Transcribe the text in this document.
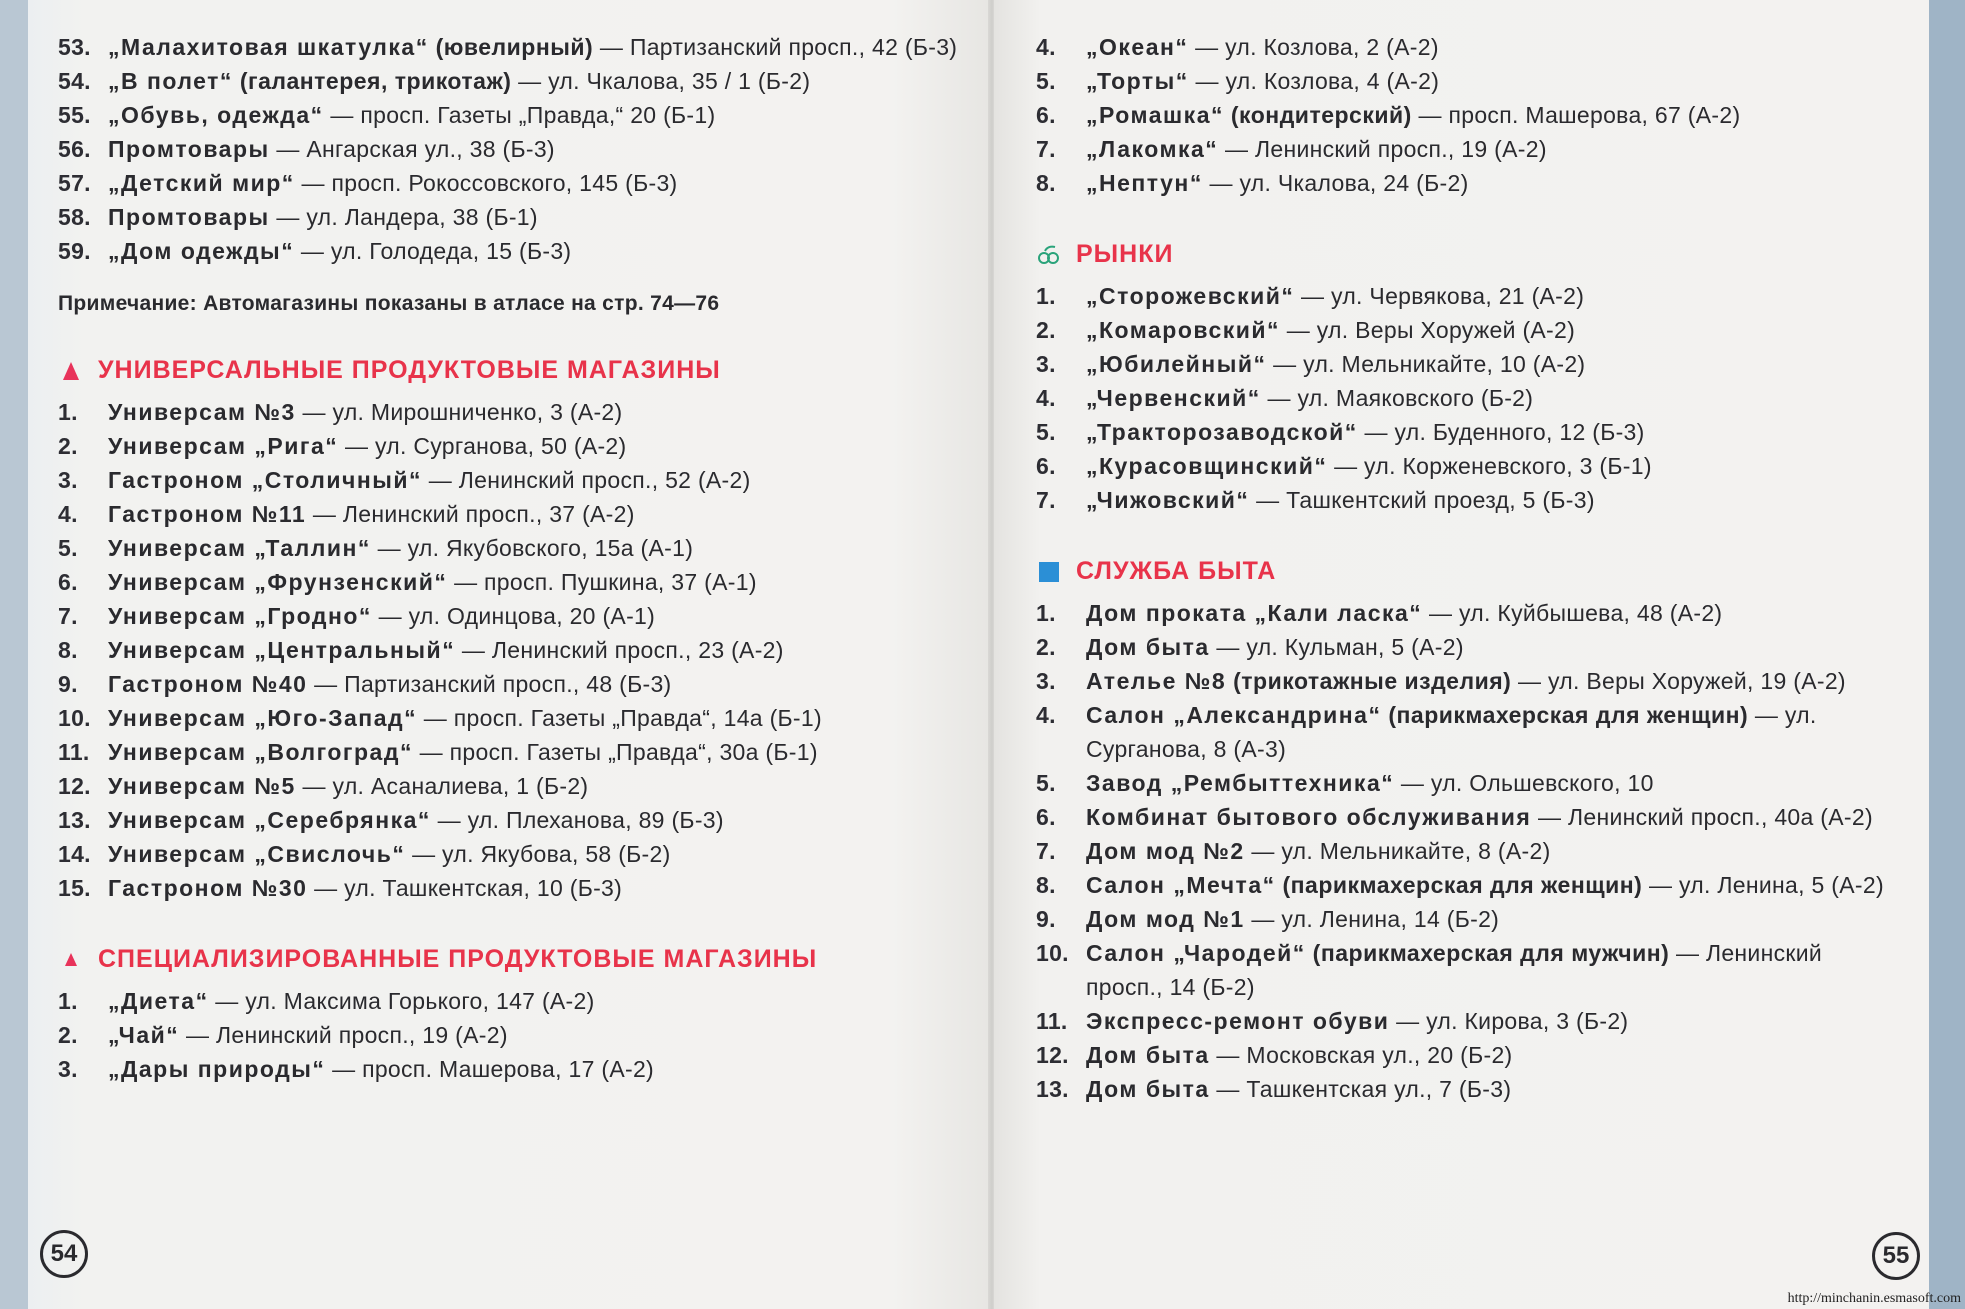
53. „Малахитовая шкатулка“ (ювелирный) — Партизанский просп., 42 (Б-3)
54. „В полет“ (галантерея, трикотаж) — ул. Чкалова, 35 / 1 (Б-2)
55. „Обувь, одежда“ — просп. Газеты „Правда,“ 20 (Б-1)
56. Промтовары — Ангарская ул., 38 (Б-3)
57. „Детский мир“ — просп. Рокоссовского, 145 (Б-3)
58. Промтовары — ул. Ландера, 38 (Б-1)
59. „Дом одежды“ — ул. Голодеда, 15 (Б-3)
Примечание: Автомагазины показаны в атласе на стр. 74—76
УНИВЕРСАЛЬНЫЕ ПРОДУКТОВЫЕ МАГАЗИНЫ
1.	Универсам №3 — ул. Мирошниченко, 3 (А-2)
2.	Универсам „Рига“ — ул. Сурганова, 50 (А-2)
3.	Гастроном „Столичный“ — Ленинский просп., 52 (А-2)
4.	Гастроном №11 — Ленинский просп., 37 (А-2)
5.	Универсам „Таллин“ — ул. Якубовского, 15а (А-1)
6.	Универсам „Фрунзенский“ — просп. Пушкина, 37 (А-1)
7.	Универсам „Гродно“ — ул. Одинцова, 20 (А-1)
8.	Универсам „Центральный“ — Ленинский просп., 23 (А-2)
9.	Гастроном №40 — Партизанский просп., 48 (Б-3)
10. Универсам „Юго-Запад“ — просп. Газеты „Правда“, 14а (Б-1)
11. Универсам „Волгоград“ — просп. Газеты „Правда“, 30а (Б-1)
12. Универсам №5 — ул. Асаналиева, 1 (Б-2)
13. Универсам „Серебрянка“ — ул. Плеханова, 89 (Б-3)
14. Универсам „Свислочь“ — ул. Якубова, 58 (Б-2)
15. Гастроном №30 — ул. Ташкентская, 10 (Б-3)
СПЕЦИАЛИЗИРОВАННЫЕ ПРОДУКТОВЫЕ МАГАЗИНЫ
1.	„Диета“ — ул. Максима Горького, 147 (А-2)
2.	„Чай“ — Ленинский просп., 19 (А-2)
3.	„Дары природы“ — просп. Машерова, 17 (А-2)
54
4.	„Океан“ — ул. Козлова, 2 (А-2)
5.	„Торты“ — ул. Козлова, 4 (А-2)
6.	„Ромашка“ (кондитерский) — просп. Машерова, 67 (А-2)
7.	„Лакомка“ — Ленинский просп., 19 (А-2)
8.	„Нептун“ — ул. Чкалова, 24 (Б-2)
РЫНКИ
1.	„Сторожевский“ — ул. Червякова, 21 (А-2)
2.	„Комаровский“ — ул. Веры Хоружей (А-2)
3.	„Юбилейный“ — ул. Мельникайте, 10 (А-2)
4.	„Червенский“ — ул. Маяковского (Б-2)
5.	„Тракторозаводской“ — ул. Буденного, 12 (Б-3)
6.	„Курасовщинский“ — ул. Корженевского, 3 (Б-1)
7.	„Чижовский“ — Ташкентский проезд, 5 (Б-3)
СЛУЖБА БЫТА
1.	Дом проката „Кали ласка“ — ул. Куйбышева, 48 (А-2)
2.	Дом быта — ул. Кульман, 5 (А-2)
3.	Ателье №8 (трикотажные изделия) — ул. Веры Хоружей, 19 (А-2)
4.	Салон „Александрина“ (парикмахерская для женщин) — ул. Сурганова, 8 (А-3)
5.	Завод „Рембыттехника“ — ул. Ольшевского, 10
6.	Комбинат бытового обслуживания — Ленинский просп., 40а (А-2)
7.	Дом мод №2 — ул. Мельникайте, 8 (А-2)
8.	Салон „Мечта“ (парикмахерская для женщин) — ул. Ленина, 5 (А-2)
9.	Дом мод №1 — ул. Ленина, 14 (Б-2)
10. Салон „Чародей“ (парикмахерская для мужчин) — Ленинский просп., 14 (Б-2)
11. Экспресс-ремонт обуви — ул. Кирова, 3 (Б-2)
12. Дом быта — Московская ул., 20 (Б-2)
13. Дом быта — Ташкентская ул., 7 (Б-3)
55
http://minchanin.esmasoft.com
